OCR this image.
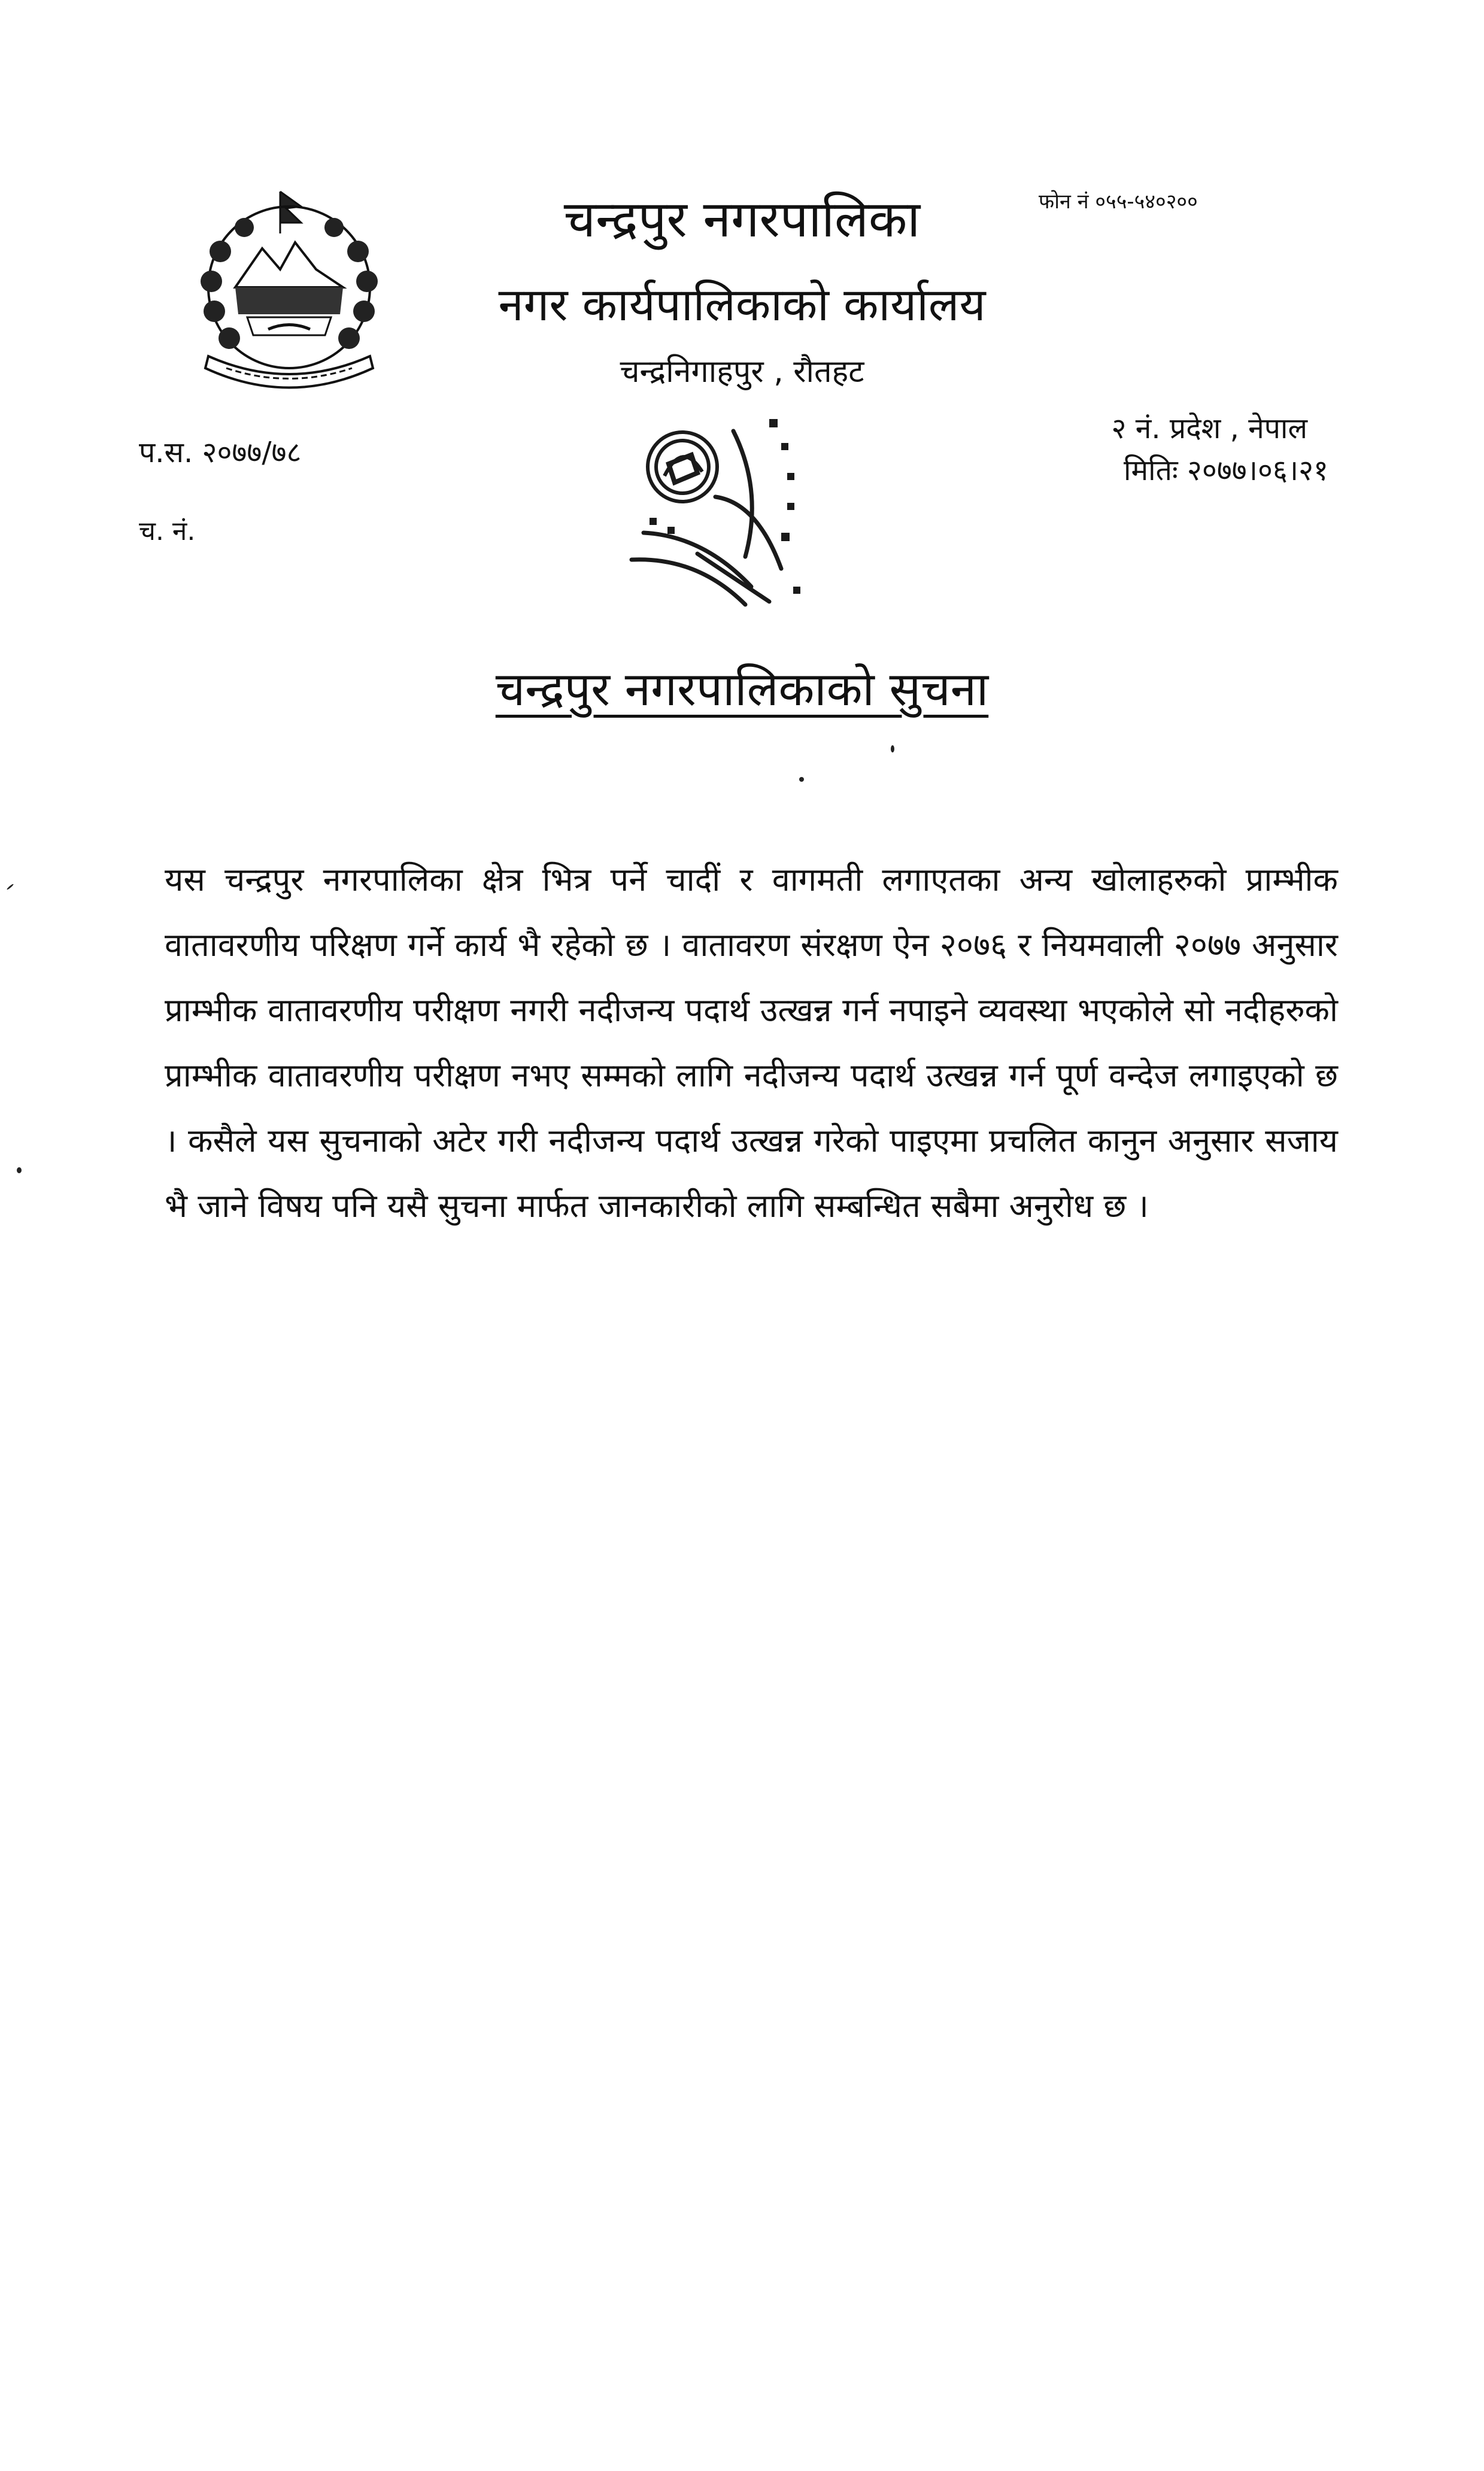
फोन नं ०५५-५४०२००
चन्द्रपुर नगरपालिका
नगर कार्यपालिकाको कार्यालय
चन्द्रनिगाहपुर , रौतहट
२ नं. प्रदेश , नेपाल
मितिः २०७७।०६।२१
प.स. २०७७/७८
च. नं.
चन्द्रपुर नगरपालिकाको सुचना
यस चन्द्रपुर नगरपालिका क्षेत्र भित्र पर्ने चादीं र वागमती लगाएतका अन्य खोलाहरुको प्राम्भीक वातावरणीय परिक्षण गर्ने कार्य भै रहेको छ । वातावरण संरक्षण ऐन २०७६ र नियमवाली २०७७ अनुसार प्राम्भीक वातावरणीय परीक्षण नगरी नदीजन्य पदार्थ उत्खन्न गर्न नपाइने व्यवस्था भएकोले सो नदीहरुको प्राम्भीक वातावरणीय परीक्षण नभए सम्मको लागि नदीजन्य पदार्थ उत्खन्न गर्न पूर्ण वन्देज लगाइएको छ । कसैले यस सुचनाको अटेर गरी नदीजन्य पदार्थ उत्खन्न गरेको पाइएमा प्रचलित कानुन अनुसार सजाय भै जाने विषय पनि यसै सुचना मार्फत जानकारीको लागि सम्बन्धित सबैमा अनुरोध छ ।
